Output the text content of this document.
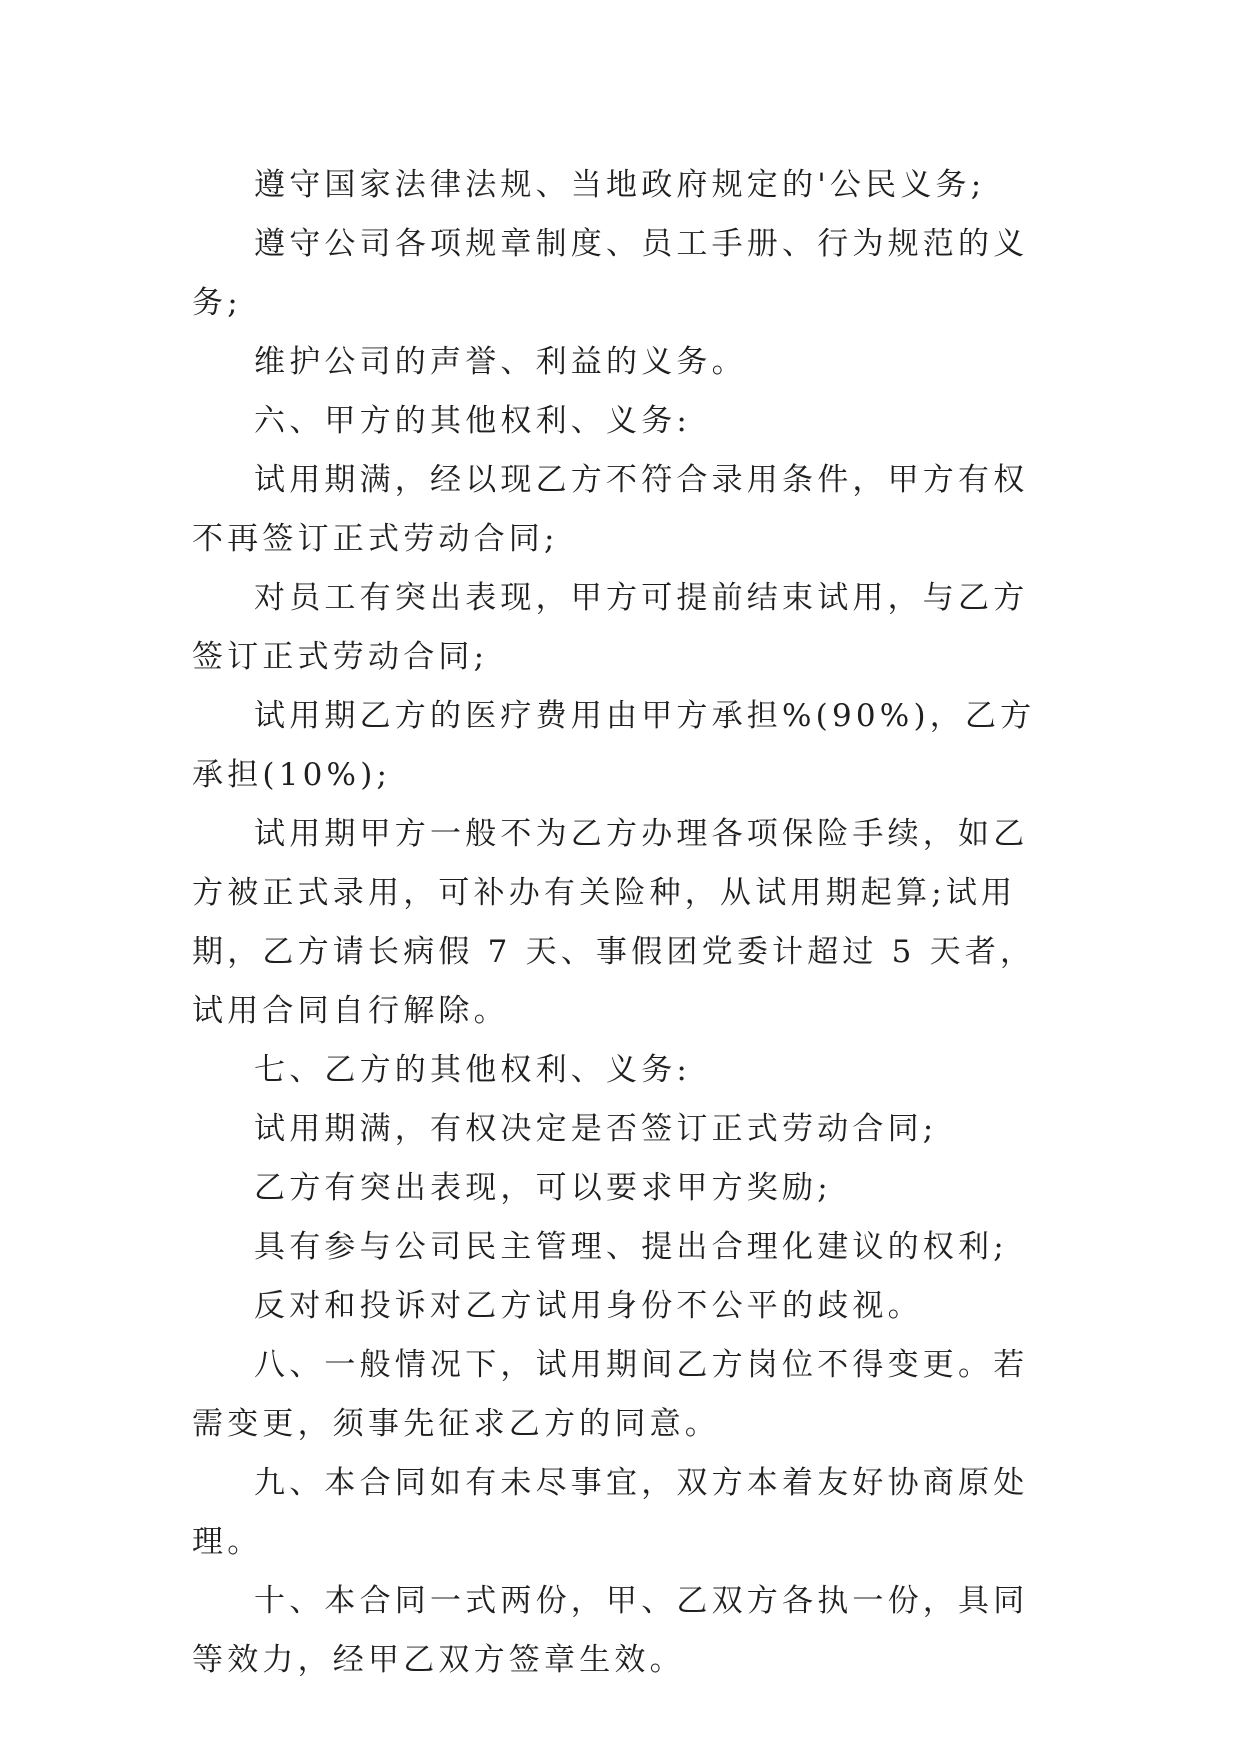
遵守国家法律法规、当地政府规定的'公民义务;

遵守公司各项规章制度、员工手册、行为规范的义务;

维护公司的声誉、利益的义务。

六、甲方的其他权利、义务:

试用期满，经以现乙方不符合录用条件，甲方有权不再签订正式劳动合同;

对员工有突出表现，甲方可提前结束试用，与乙方签订正式劳动合同;

试用期乙方的医疗费用由甲方承担%(90%)，乙方承担(10%);

试用期甲方一般不为乙方办理各项保险手续，如乙方被正式录用，可补办有关险种，从试用期起算;试用期，乙方请长病假 7 天、事假团党委计超过 5 天者，试用合同自行解除。

七、乙方的其他权利、义务:

试用期满，有权决定是否签订正式劳动合同;

乙方有突出表现，可以要求甲方奖励;

具有参与公司民主管理、提出合理化建议的权利;

反对和投诉对乙方试用身份不公平的歧视。

八、一般情况下，试用期间乙方岗位不得变更。若需变更，须事先征求乙方的同意。

九、本合同如有未尽事宜，双方本着友好协商原处理。

十、本合同一式两份，甲、乙双方各执一份，具同等效力，经甲乙双方签章生效。
